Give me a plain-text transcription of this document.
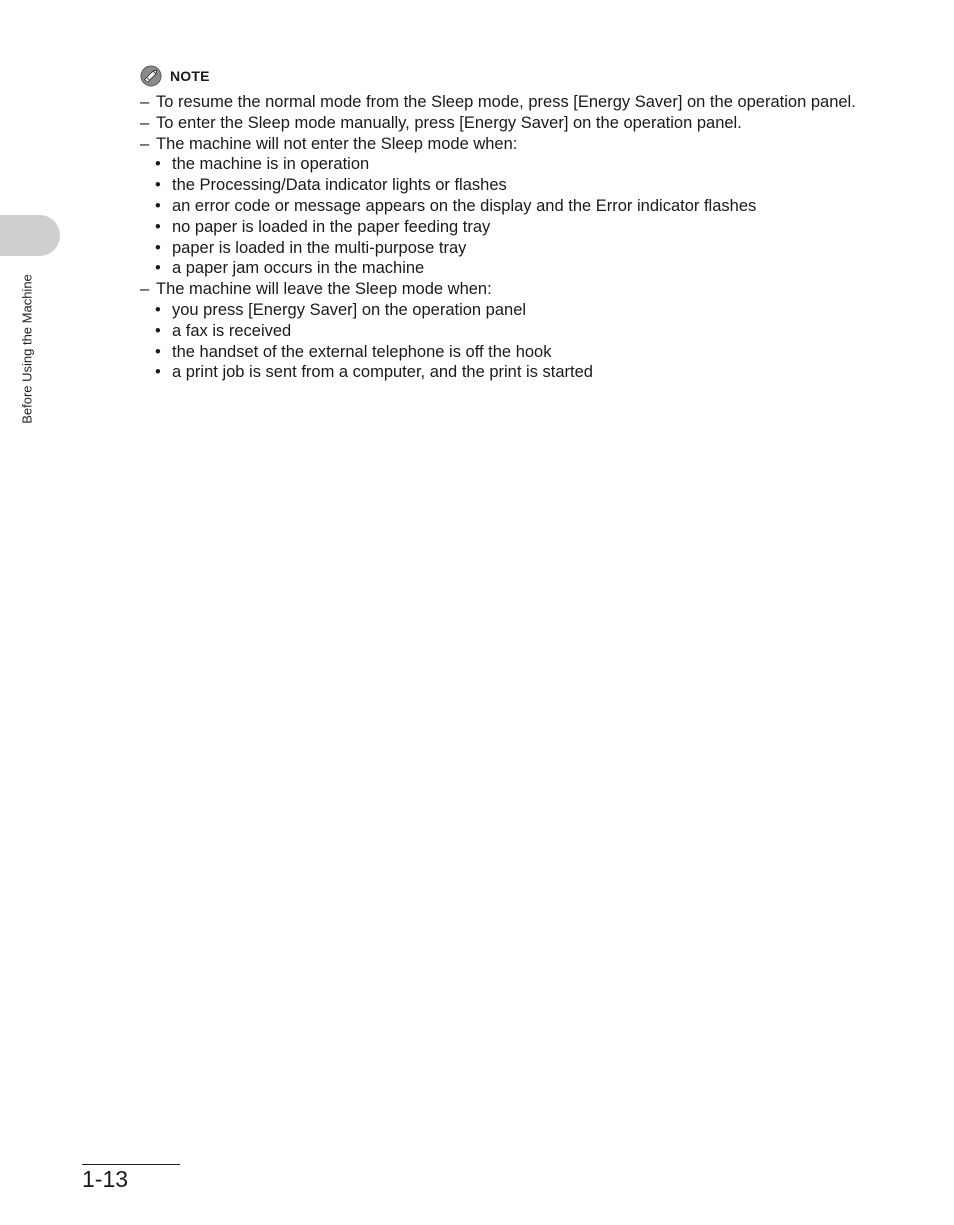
Before Using the Machine
NOTE
– To resume the normal mode from the Sleep mode, press [Energy Saver] on the operation panel.
– To enter the Sleep mode manually, press [Energy Saver] on the operation panel.
– The machine will not enter the Sleep mode when:
• the machine is in operation
• the Processing/Data indicator lights or flashes
• an error code or message appears on the display and the Error indicator flashes
• no paper is loaded in the paper feeding tray
• paper is loaded in the multi-purpose tray
• a paper jam occurs in the machine
– The machine will leave the Sleep mode when:
• you press [Energy Saver] on the operation panel
• a fax is received
• the handset of the external telephone is off the hook
• a print job is sent from a computer, and the print is started
1-13
